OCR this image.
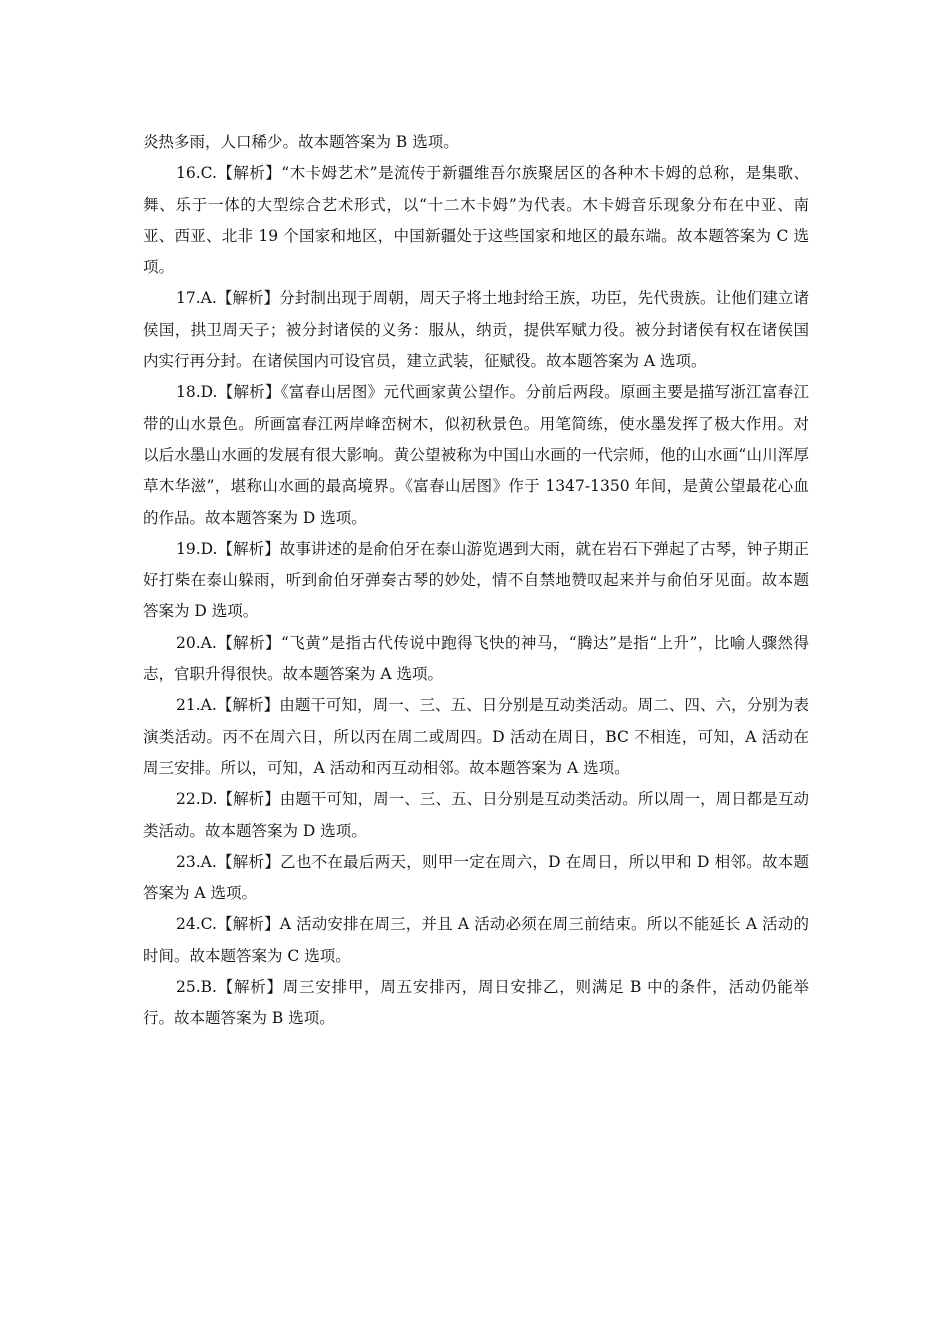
炎热多雨，人口稀少。故本题答案为 B 选项。

16.C.【解析】“木卡姆艺术”是流传于新疆维吾尔族聚居区的各种木卡姆的总称，是集歌、舞、乐于一体的大型综合艺术形式，以“十二木卡姆”为代表。木卡姆音乐现象分布在中亚、南亚、西亚、北非 19 个国家和地区，中国新疆处于这些国家和地区的最东端。故本题答案为 C 选项。

17.A.【解析】分封制出现于周朝，周天子将土地封给王族，功臣，先代贵族。让他们建立诸侯国，拱卫周天子；被分封诸侯的义务：服从，纳贡，提供军赋力役。被分封诸侯有权在诸侯国内实行再分封。在诸侯国内可设官员，建立武装，征赋役。故本题答案为 A 选项。

18.D.【解析】《富春山居图》元代画家黄公望作。分前后两段。原画主要是描写浙江富春江带的山水景色。所画富春江两岸峰峦树木，似初秋景色。用笔简练，使水墨发挥了极大作用。对以后水墨山水画的发展有很大影响。黄公望被称为中国山水画的一代宗师，他的山水画“山川浑厚草木华滋”，堪称山水画的最高境界。《富春山居图》作于 1347-1350 年间，是黄公望最花心血的作品。故本题答案为 D 选项。

19.D.【解析】故事讲述的是俞伯牙在泰山游览遇到大雨，就在岩石下弹起了古琴，钟子期正好打柴在泰山躲雨，听到俞伯牙弹奏古琴的妙处，情不自禁地赞叹起来并与俞伯牙见面。故本题答案为 D 选项。

20.A.【解析】“飞黄”是指古代传说中跑得飞快的神马，“腾达”是指“上升”，比喻人骤然得志，官职升得很快。故本题答案为 A 选项。

21.A.【解析】由题干可知，周一、三、五、日分别是互动类活动。周二、四、六，分别为表演类活动。丙不在周六日，所以丙在周二或周四。D 活动在周日，BC 不相连，可知，A 活动在周三安排。所以，可知，A 活动和丙互动相邻。故本题答案为 A 选项。

22.D.【解析】由题干可知，周一、三、五、日分别是互动类活动。所以周一，周日都是互动类活动。故本题答案为 D 选项。

23.A.【解析】乙也不在最后两天，则甲一定在周六，D 在周日，所以甲和 D 相邻。故本题答案为 A 选项。

24.C.【解析】A 活动安排在周三，并且 A 活动必须在周三前结束。所以不能延长 A 活动的时间。故本题答案为 C 选项。

25.B.【解析】周三安排甲，周五安排丙，周日安排乙，则满足 B 中的条件，活动仍能举行。故本题答案为 B 选项。
